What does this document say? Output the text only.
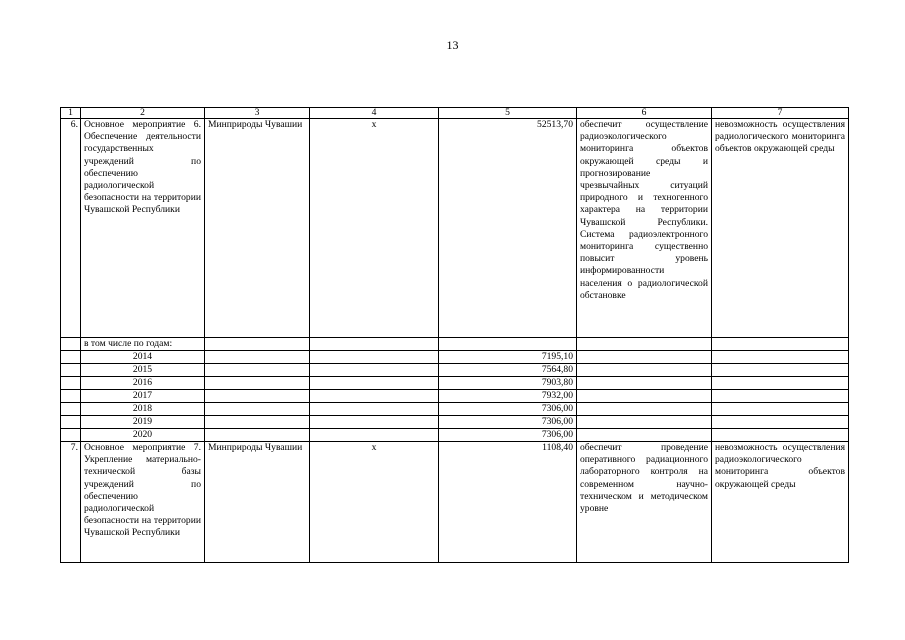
13
1	2	3	4	5	6	7
6.	Основное мероприятие 6. Обеспечение деятельности государственных учреждений по обеспечению радиологической безопасности на территории Чувашской Республики	Минприроды Чувашии	х	52513,70	обеспечит осуществление радиоэкологического мониторинга объектов окружающей среды и прогнозирование чрезвычайных ситуаций природного и техногенного характера на территории Чувашской Республики. Система радиоэлектронного мониторинга существенно повысит уровень информированности населения о радиологической обстановке	невозможность осуществления радиологического мониторинга объектов окружающей среды
	в том числе по годам:					
	2014			7195,10		
	2015			7564,80		
	2016			7903,80		
	2017			7932,00		
	2018			7306,00		
	2019			7306,00		
	2020			7306,00		
7.	Основное мероприятие 7. Укрепление материально-технической базы учреждений по обеспечению радиологической безопасности на территории Чувашской Республики	Минприроды Чувашии	х	1108,40	обеспечит проведение оперативного радиационного лабораторного контроля на современном научно-техническом и методическом уровне	невозможность осуществления радиоэкологического мониторинга объектов окружающей среды
